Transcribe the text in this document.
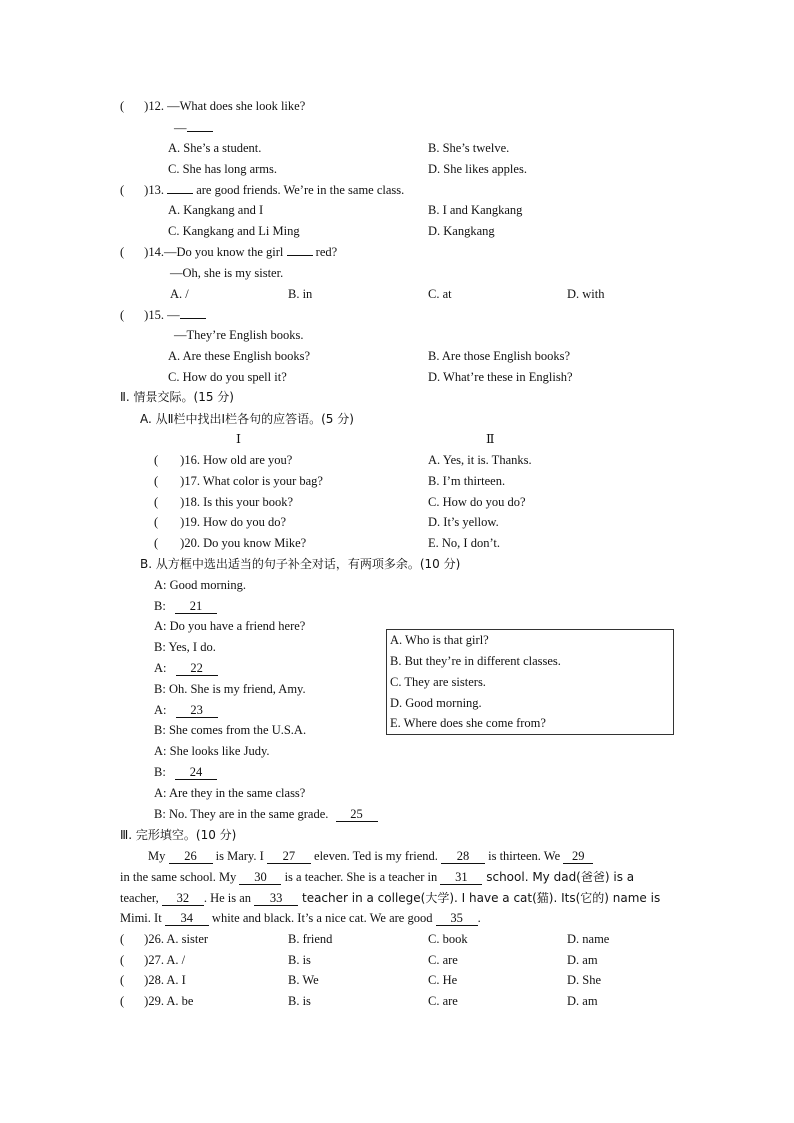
( )12. —What does she look like?
—
A. She’s a student.	B. She’s twelve.
C. She has long arms.	D. She likes apples.
( )13.  are good friends. We’re in the same class.
A. Kangkang and I	B. I and Kangkang
C. Kangkang and Li Ming	D. Kangkang
( )14.—Do you know the girl	red?
—Oh, she is my sister.
A. /	B. in	C. at	D. with
( )15. —
—They’re English books.
A. Are these English books?	B. Are those English books?
C. How do you spell it?	D. What’re these in English?
Ⅱ. 情景交际。(15 分)
A. 从Ⅱ栏中找出Ⅰ栏各句的应答语。(5 分)
Ⅰ	Ⅱ
( )16. How old are you?	A. Yes, it is. Thanks.
( )17. What color is your bag?	B. I’m thirteen.
( )18. Is this your book?	C. How do you do?
( )19. How do you do?	D. It’s yellow.
( )20. Do you know Mike?	E. No, I don’t.
B. 从方框中选出适当的句子补全对话，有两项多余。(10 分)
A: Good morning.
B: 21
A: Do you have a friend here?
B: Yes, I do.
A: 22
B: Oh. She is my friend, Amy.
A: 23
B: She comes from the U.S.A.
A: She looks like Judy.
B: 24
A: Are they in the same class?
B: No. They are in the same grade. 25
A. Who is that girl?
B. But they’re in different classes.
C. They are sisters.
D. Good morning.
E. Where does she come from?
Ⅲ. 完形填空。(10 分)
My 26 is Mary. I 27 eleven. Ted is my friend. 28 is thirteen. We 29
in the same school. My 30 is a teacher. She is a teacher in 31 school. My dad(爸爸) is a
teacher, 32 . He is an 33 teacher in a college(大学). I have a cat(猫). Its(它的) name is
Mimi. It 34 white and black. It’s a nice cat. We are good 35 .
( )26. A. sister	B. friend	C. book	D. name
( )27. A. /	B. is	C. are	D. am
( )28. A. I	B. We	C. He	D. She
( )29. A. be	B. is	C. are	D. am
